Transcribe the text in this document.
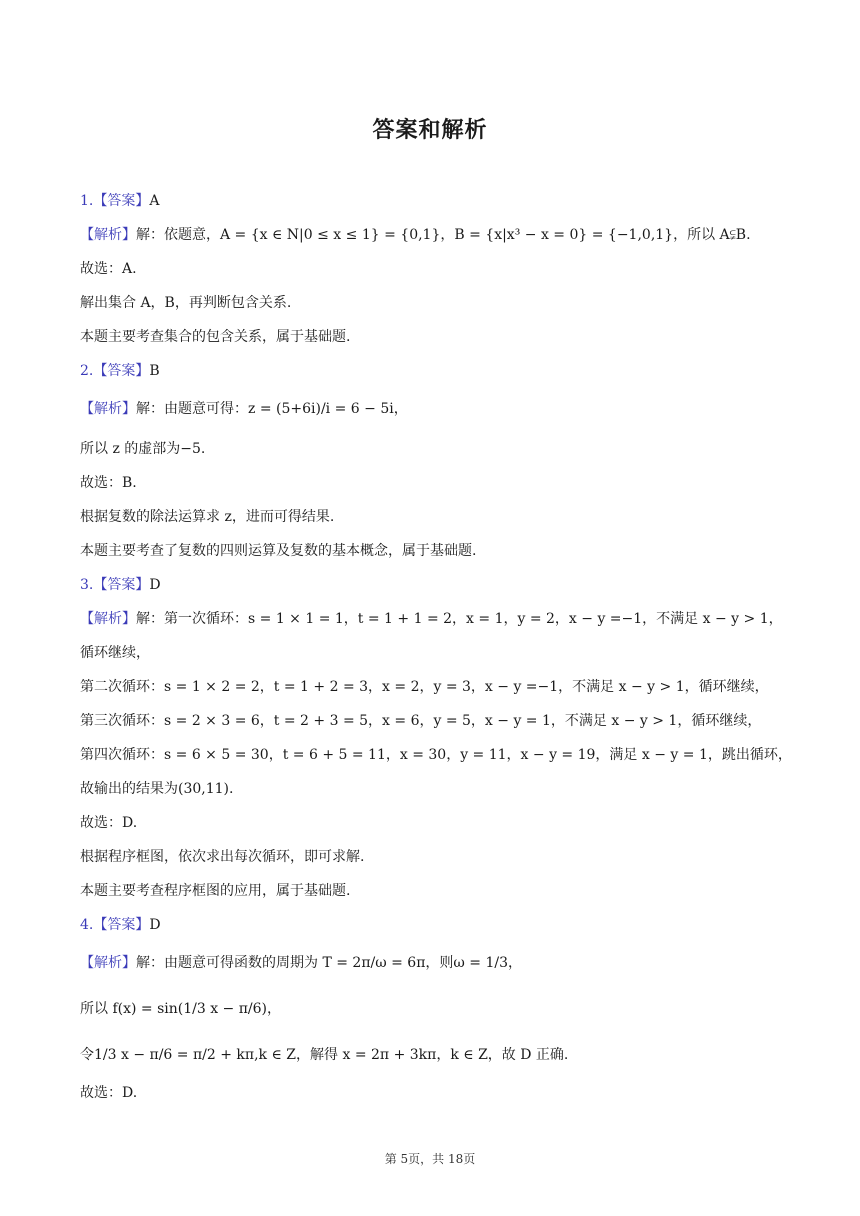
答案和解析
1.【答案】A
【解析】解：依题意，A = {x ∈ N|0 ≤ x ≤ 1} = {0,1}，B = {x|x³ − x = 0} = {−1,0,1}，所以 A⫋B.
故选：A.
解出集合 A，B，再判断包含关系.
本题主要考查集合的包含关系，属于基础题.
2.【答案】B
【解析】解：由题意可得：z = (5+6i)/i = 6 − 5i，
所以 z 的虚部为−5.
故选：B.
根据复数的除法运算求 z，进而可得结果.
本题主要考查了复数的四则运算及复数的基本概念，属于基础题.
3.【答案】D
【解析】解：第一次循环：s = 1 × 1 = 1，t = 1 + 1 = 2，x = 1，y = 2，x − y =−1，不满足 x − y > 1，
循环继续，
第二次循环：s = 1 × 2 = 2，t = 1 + 2 = 3，x = 2，y = 3，x − y =−1，不满足 x − y > 1，循环继续，
第三次循环：s = 2 × 3 = 6，t = 2 + 3 = 5，x = 6，y = 5，x − y = 1，不满足 x − y > 1，循环继续，
第四次循环：s = 6 × 5 = 30，t = 6 + 5 = 11，x = 30，y = 11，x − y = 19，满足 x − y = 1，跳出循环，
故输出的结果为(30,11).
故选：D.
根据程序框图，依次求出每次循环，即可求解.
本题主要考查程序框图的应用，属于基础题.
4.【答案】D
【解析】解：由题意可得函数的周期为 T = 2π/ω = 6π，则ω = 1/3，
所以 f(x) = sin(1/3 x − π/6)，
令1/3 x − π/6 = π/2 + kπ,k ∈ Z，解得 x = 2π + 3kπ，k ∈ Z，故 D 正确.
故选：D.
第 5页，共 18页
